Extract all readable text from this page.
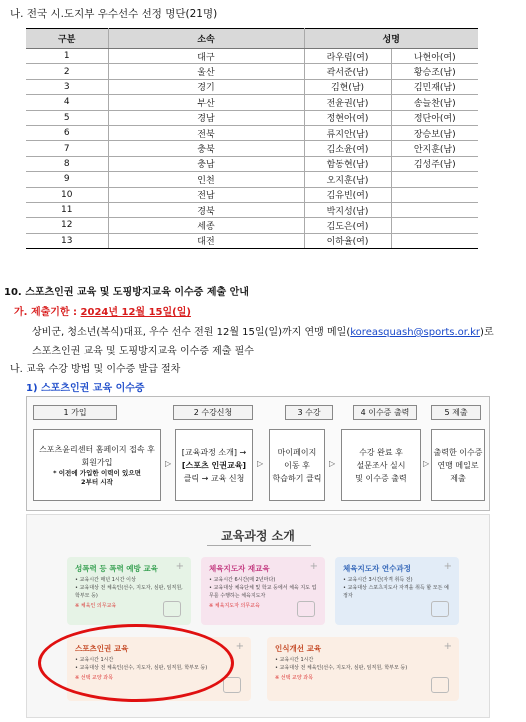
나. 전국 시.도지부 우수선수 선정 명단(21명)
구분	소속	성명	
1	대구	라우림(여)	나현아(여)
2	울산	곽서준(남)	황승조(남)
3	경기	김현(남)	김민재(남)
4	부산	전윤권(남)	송늘찬(남)
5	경남	정현아(여)	정단아(여)
6	전북	류지안(남)	장승보(남)
7	충북	김소윤(여)	안지훈(남)
8	충남	함동현(남)	김성주(남)
9	인천	오지훈(남)	
10	전남	김유빈(여)	
11	경북	박지성(남)	
12	세종	김도은(여)	
13	대전	이하율(여)	
10. 스포츠인권 교육 및 도핑방지교육 이수증 제출 안내
가. 제출기한 : 2024년 12월 15일(일)
상비군, 청소년(복식)대표, 우수 선수 전원 12월 15일(일)까지 연맹 메일(koreasquash@sports.or.kr)로
스포츠인권 교육 및 도핑방지교육 이수증 제출 필수
나. 교육 수강 방법 및 이수증 발급 절차
1) 스포츠인권 교육 이수증
1 가입	2 수강신청	3 수강	4 이수증 출력	5 제출
스포츠윤리센터 홈페이지 접속 후
회원가입
* 이전에 가입한 이력이 있으면
2부터 시작
▷
[교육과정 소개] →
[스포츠 인권교육]
클릭 → 교육 신청
▷
마이페이지
이동 후
학습하기 클릭
▷
수강 완료 후
설문조사 실시
및 이수증 출력
▷
출력한 이수증
연맹 메일로
제출
교육과정 소개
성폭력 등 폭력 예방 교육	+
• 교육시간 매년 1시간 이상
• 교육대상 전 체육인(선수, 지도자, 심판, 임직원, 학부모 등)
※ 체육인 의무교육
체육지도자 재교육	+
• 교육시간 6시간(매 2년마다)
• 교육대상 체육단체 및 학교 등에서 체육 지도 업무를 수행하는 체육지도자
※ 체육지도자 의무교육
체육지도자 연수과정	+
• 교육시간 3시간(자격 취득 전)
• 교육대상 스포츠지도사 자격을 취득 할 모든 예정자
스포츠인권 교육	+
• 교육시간 1시간
• 교육대상 전 체육인(선수, 지도자, 심판, 임직원, 학부모 등)
※ 선택 교양 과목
인식개선 교육	+
• 교육시간 1시간
• 교육대상 전 체육인(선수, 지도자, 심판, 임직원, 학부모 등)
※ 선택 교양 과목
